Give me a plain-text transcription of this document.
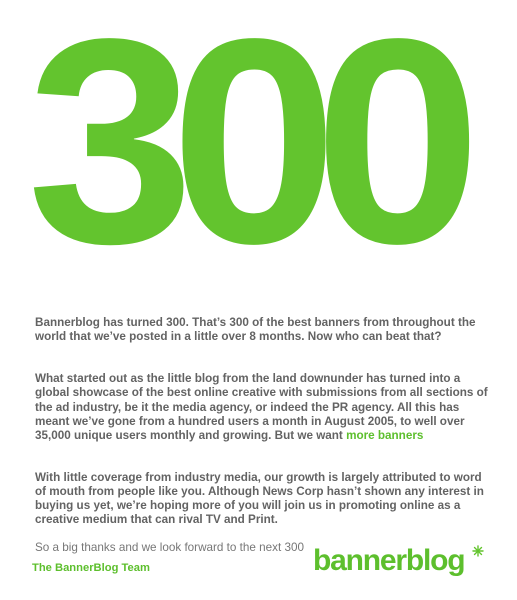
300

Bannerblog has turned 300. That’s 300 of the best banners from throughout the world that we’ve posted in a little over 8 months. Now who can beat that?

What started out as the little blog from the land downunder has turned into a global showcase of the best online creative with submissions from all sections of the ad industry, be it the media agency, or indeed the PR agency. All this has meant we’ve gone from a hundred users a month in August 2005, to well over 35,000 unique users monthly and growing. But we want more banners

With little coverage from industry media, our growth is largely attributed to word of mouth from people like you. Although News Corp hasn’t shown any interest in buying us yet, we’re hoping more of you will join us in promoting online as a creative medium that can rival TV and Print.

So a big thanks and we look forward to the next 300

The BannerBlog Team	bannerblog
